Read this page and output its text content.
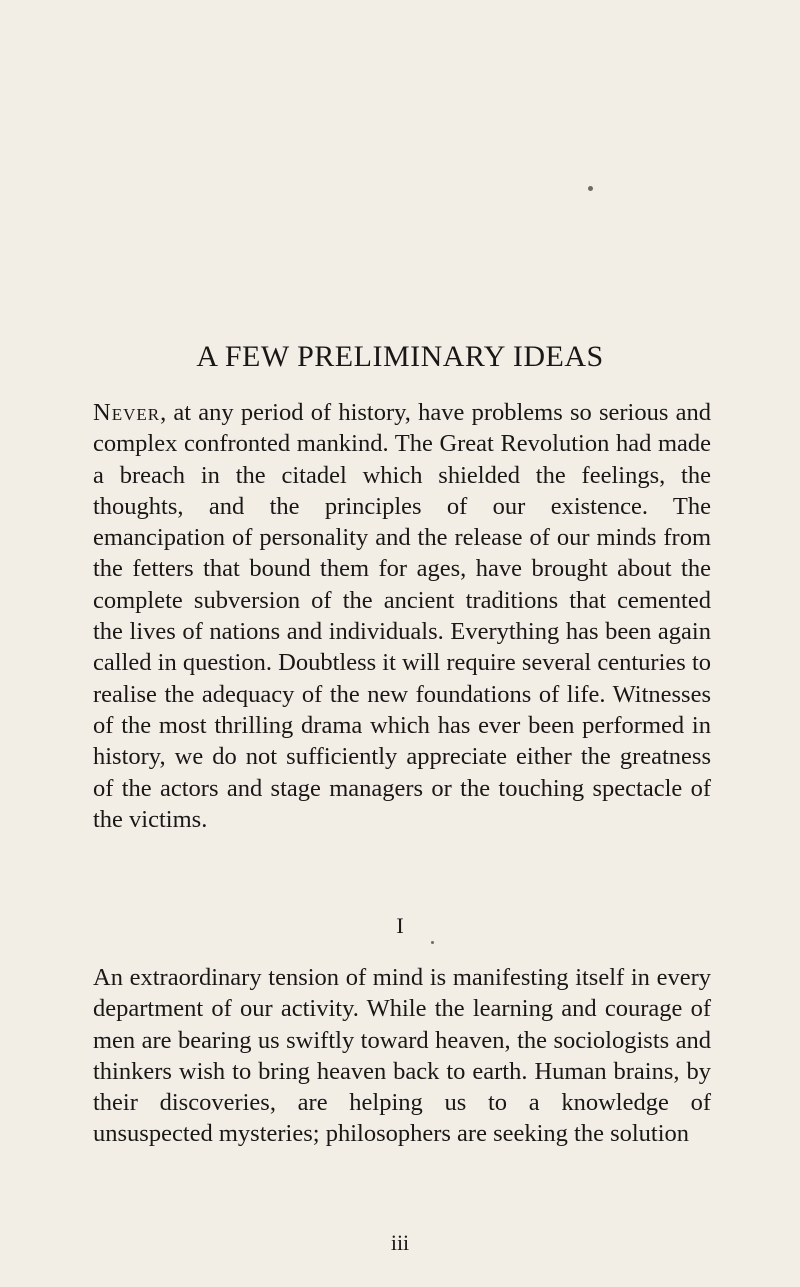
A FEW PRELIMINARY IDEAS

Never, at any period of history, have problems so serious and complex confronted mankind. The Great Revolution had made a breach in the citadel which shielded the feelings, the thoughts, and the principles of our existence. The emancipation of personality and the release of our minds from the fetters that bound them for ages, have brought about the complete subversion of the ancient traditions that cemented the lives of nations and individuals. Everything has been again called in question. Doubtless it will require several centuries to realise the adequacy of the new foundations of life. Witnesses of the most thrilling drama which has ever been performed in history, we do not sufficiently appreciate either the greatness of the actors and stage managers or the touching spectacle of the victims.

I

An extraordinary tension of mind is manifesting itself in every department of our activity. While the learning and courage of men are bearing us swiftly toward heaven, the sociologists and thinkers wish to bring heaven back to earth. Human brains, by their discoveries, are helping us to a knowledge of unsuspected mysteries; philosophers are seeking the solution

iii
